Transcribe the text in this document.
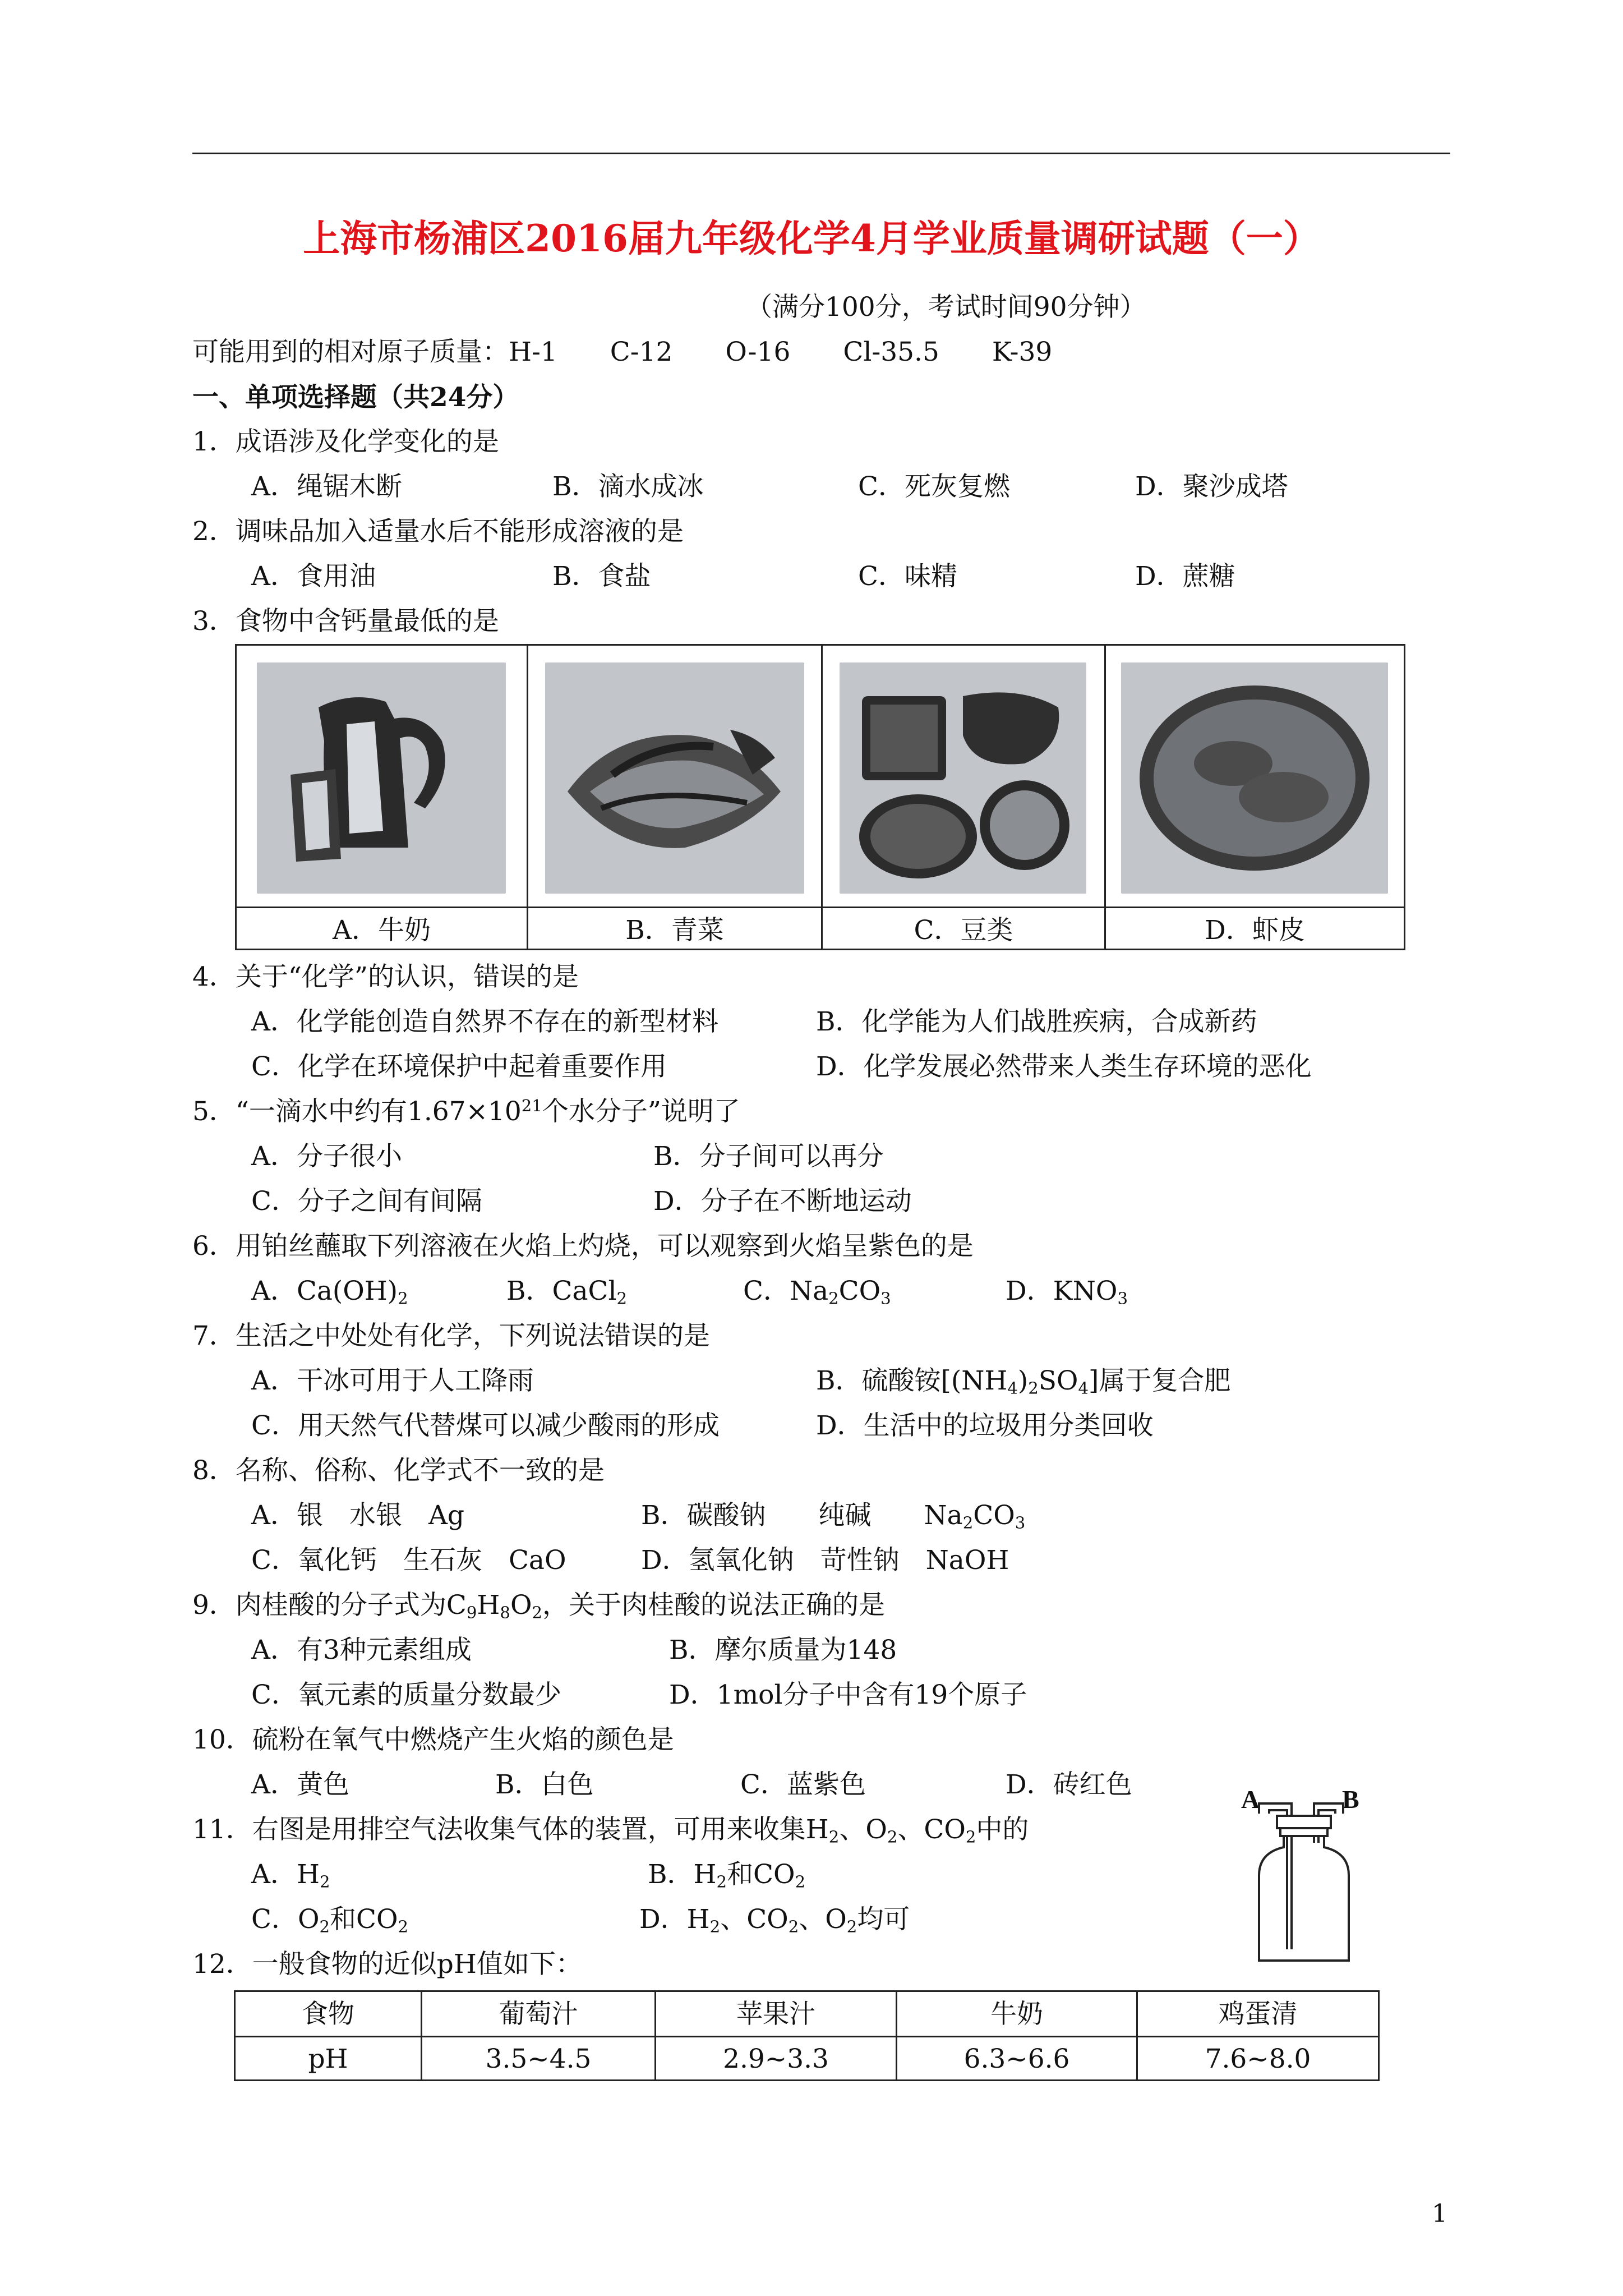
上海市杨浦区2016届九年级化学4月学业质量调研试题（一）
（满分100分，考试时间90分钟）
可能用到的相对原子质量：H-1　　C-12　　O-16　　Cl-35.5　　K-39
一、单项选择题（共24分）
1．成语涉及化学变化的是
A．绳锯木断	B．滴水成冰	C．死灰复燃	D．聚沙成塔
2．调味品加入适量水后不能形成溶液的是
A．食用油	B．食盐	C．味精	D．蔗糖
3．食物中含钙量最低的是
A．牛奶	B．青菜	C．豆类	D．虾皮
4．关于“化学”的认识，错误的是
A．化学能创造自然界不存在的新型材料	B．化学能为人们战胜疾病，合成新药
C．化学在环境保护中起着重要作用	D．化学发展必然带来人类生存环境的恶化
5．“一滴水中约有$1.67\times 10^{21}$个水分子”说明了
A．分子很小	B．分子间可以再分
C．分子之间有间隔	D．分子在不断地运动
6．用铂丝蘸取下列溶液在火焰上灼烧，可以观察到火焰呈紫色的是
A．$Ca(OH)_2$	B．CaCl$_2$	C．$Na_2CO_3$	D．$KNO_3$
7．生活之中处处有化学，下列说法错误的是
A．干冰可用于人工降雨	B．硫酸铵$[(NH_4)_2SO_4]$属于复合肥
C．用天然气代替煤可以减少酸雨的形成	D．生活中的垃圾用分类回收
8．名称、俗称、化学式不一致的是
A．银　水银　Ag	B．碳酸钠　　纯碱　　$Na_2CO_3$
C．氧化钙　生石灰　CaO	D．氢氧化钠　苛性钠　NaOH
9．肉桂酸的分子式为$C_9H_8O_2$，关于肉桂酸的说法正确的是
A．有3种元素组成	B．摩尔质量为148
C．氧元素的质量分数最少	D．1mol分子中含有19个原子
10．硫粉在氧气中燃烧产生火焰的颜色是
A．黄色	B．白色	C．蓝紫色	D．砖红色
11．右图是用排空气法收集气体的装置，可用来收集$H_2$、$O_2$、$CO_2$中的
A．$H_2$	B．$H_2$和$CO_2$
C．$O_2$和$CO_2$	D．$H_2$、$CO_2$、$O_2$均可
A	B
12．一般食物的近似pH值如下：
食物	葡萄汁	苹果汁	牛奶	鸡蛋清
pH	3.5~4.5	2.9~3.3	6.3~6.6	7.6~8.0
1
